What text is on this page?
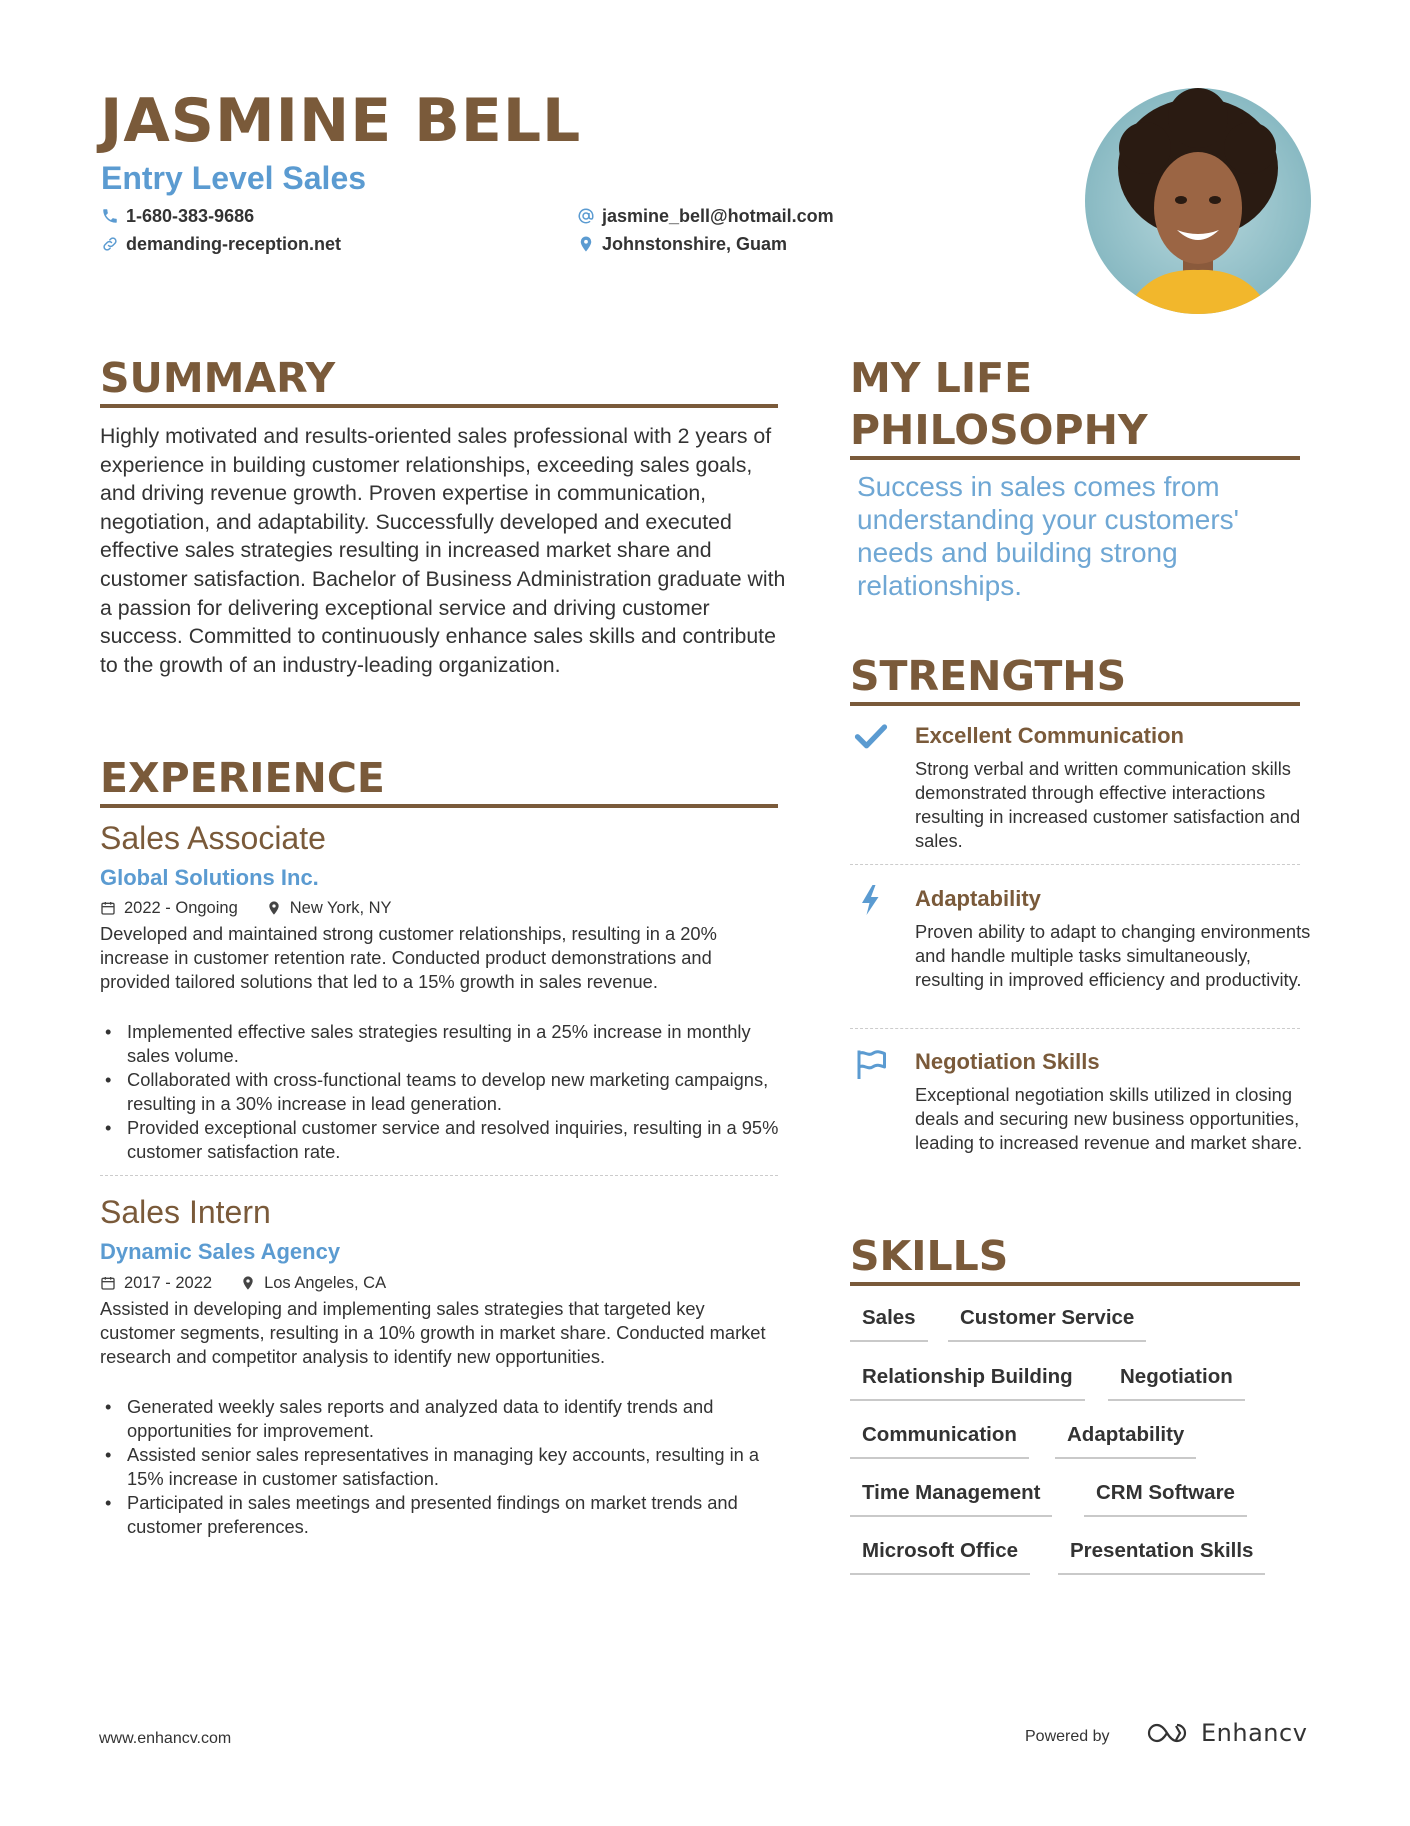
JASMINE BELL
Entry Level Sales
1-680-383-9686	jasmine_bell@hotmail.com
demanding-reception.net	Johnstonshire, Guam
SUMMARY
Highly motivated and results-oriented sales professional with 2 years of experience in building customer relationships, exceeding sales goals, and driving revenue growth. Proven expertise in communication, negotiation, and adaptability. Successfully developed and executed effective sales strategies resulting in increased market share and customer satisfaction. Bachelor of Business Administration graduate with a passion for delivering exceptional service and driving customer success. Committed to continuously enhance sales skills and contribute to the growth of an industry-leading organization.
EXPERIENCE
Sales Associate
Global Solutions Inc.
2022 - Ongoing	New York, NY
Developed and maintained strong customer relationships, resulting in a 20% increase in customer retention rate. Conducted product demonstrations and provided tailored solutions that led to a 15% growth in sales revenue.
• Implemented effective sales strategies resulting in a 25% increase in monthly sales volume.
• Collaborated with cross-functional teams to develop new marketing campaigns, resulting in a 30% increase in lead generation.
• Provided exceptional customer service and resolved inquiries, resulting in a 95% customer satisfaction rate.
Sales Intern
Dynamic Sales Agency
2017 - 2022	Los Angeles, CA
Assisted in developing and implementing sales strategies that targeted key customer segments, resulting in a 10% growth in market share. Conducted market research and competitor analysis to identify new opportunities.
• Generated weekly sales reports and analyzed data to identify trends and opportunities for improvement.
• Assisted senior sales representatives in managing key accounts, resulting in a 15% increase in customer satisfaction.
• Participated in sales meetings and presented findings on market trends and customer preferences.
MY LIFE
PHILOSOPHY
Success in sales comes from understanding your customers' needs and building strong relationships.
STRENGTHS
Excellent Communication
Strong verbal and written communication skills demonstrated through effective interactions resulting in increased customer satisfaction and sales.
Adaptability
Proven ability to adapt to changing environments and handle multiple tasks simultaneously, resulting in improved efficiency and productivity.
Negotiation Skills
Exceptional negotiation skills utilized in closing deals and securing new business opportunities, leading to increased revenue and market share.
SKILLS
Sales	Customer Service
Relationship Building	Negotiation
Communication	Adaptability
Time Management	CRM Software
Microsoft Office	Presentation Skills
www.enhancv.com	Powered by	Enhancv
